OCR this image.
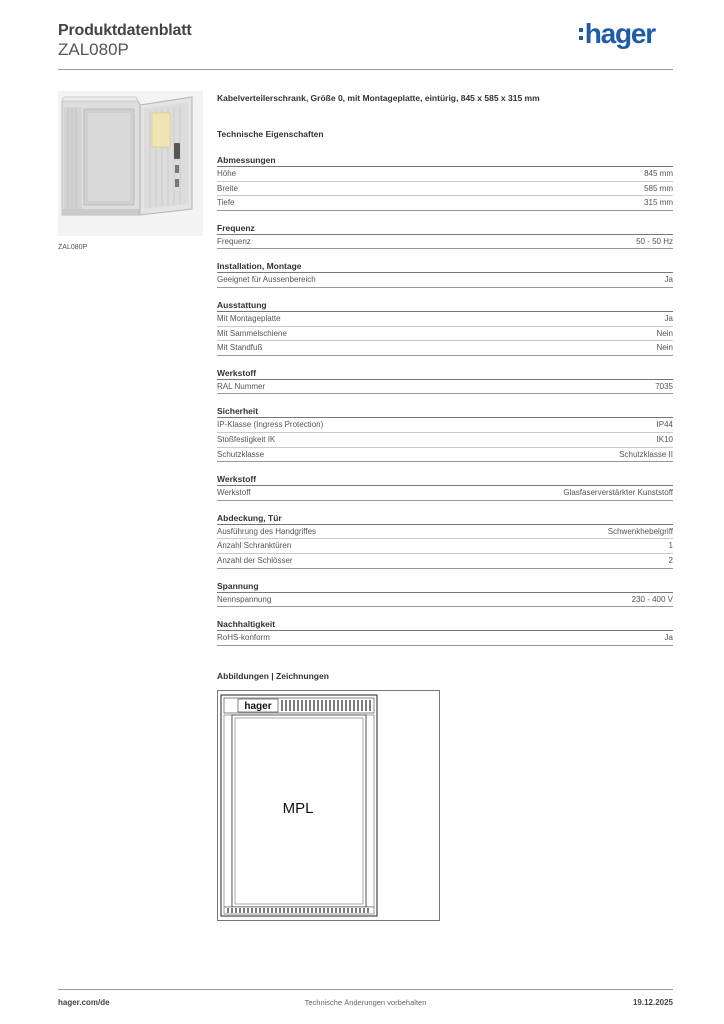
Produktdatenblatt
ZAL080P
hager
ZAL080P
Kabelverteilerschrank, Größe 0, mit Montageplatte, eintürig, 845 x 585 x 315 mm
Technische Eigenschaften
Abmessungen
Höhe	845 mm
Breite	585 mm
Tiefe	315 mm
Frequenz
Frequenz	50 - 50 Hz
Installation, Montage
Geeignet für Aussenbereich	Ja
Ausstattung
Mit Montageplatte	Ja
Mit Sammelschiene	Nein
Mit Standfuß	Nein
Werkstoff
RAL Nummer	7035
Sicherheit
IP-Klasse (Ingress Protection)	IP44
Stoßfestigkeit IK	IK10
Schutzklasse	Schutzklasse II
Werkstoff
Werkstoff	Glasfaserverstärkter Kunststoff
Abdeckung, Tür
Ausführung des Handgriffes	Schwenkhebelgriff
Anzahl Schranktüren	1
Anzahl der Schlösser	2
Spannung
Nennspannung	230 - 400 V
Nachhaltigkeit
RoHS-konform	Ja
Abbildungen | Zeichnungen
hager
MPL
hager.com/de	Technische Änderungen vorbehalten	19.12.2025
